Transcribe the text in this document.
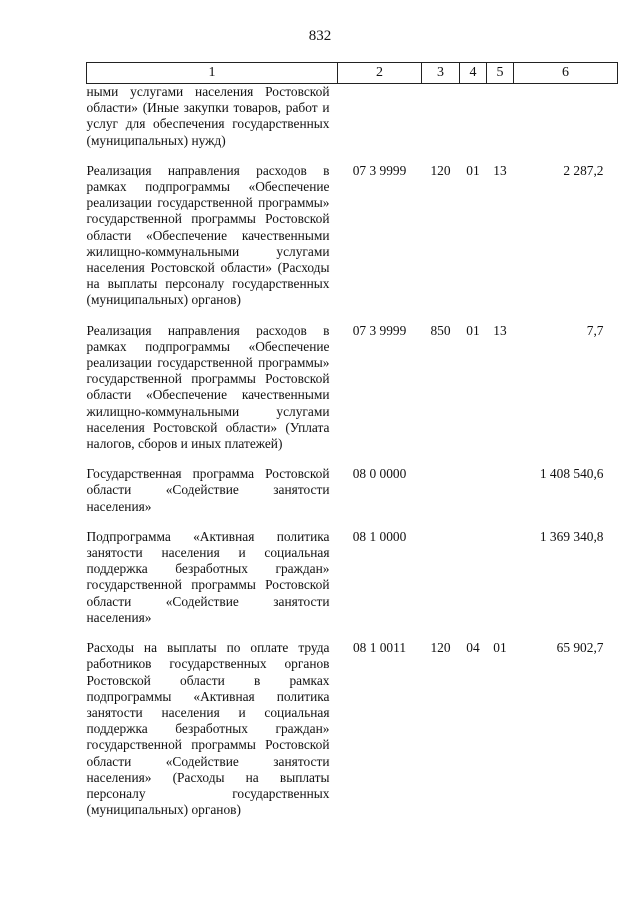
832
1	2	3	4	5	6
ными услугами населения Ростовской области» (Иные закупки товаров, работ и услуг для обеспечения государственных (муниципальных) нужд)					
Реализация направления расходов в рамках подпрограммы «Обеспечение реализации государственной программы» государственной программы Ростовской области «Обеспечение качественными жилищно-коммунальными услугами населения Ростовской области» (Расходы на выплаты персоналу государственных (муниципальных) органов)	07 3 9999	120	01	13	2 287,2
Реализация направления расходов в рамках подпрограммы «Обеспечение реализации государственной программы» государственной программы Ростовской области «Обеспечение качественными жилищно-коммунальными услугами населения Ростовской области» (Уплата налогов, сборов и иных платежей)	07 3 9999	850	01	13	7,7
Государственная программа Ростовской области «Содействие занятости населения»	08 0 0000				1 408 540,6
Подпрограмма «Активная политика занятости населения и социальная поддержка безработных граждан» государственной программы Ростовской области «Содействие занятости населения»	08 1 0000				1 369 340,8
Расходы на выплаты по оплате труда работников государственных органов Ростовской области в рамках подпрограммы «Активная политика занятости населения и социальная поддержка безработных граждан» государственной программы Ростовской области «Содействие занятости населения» (Расходы на выплаты персоналу государственных (муниципальных) органов)	08 1 0011	120	04	01	65 902,7
